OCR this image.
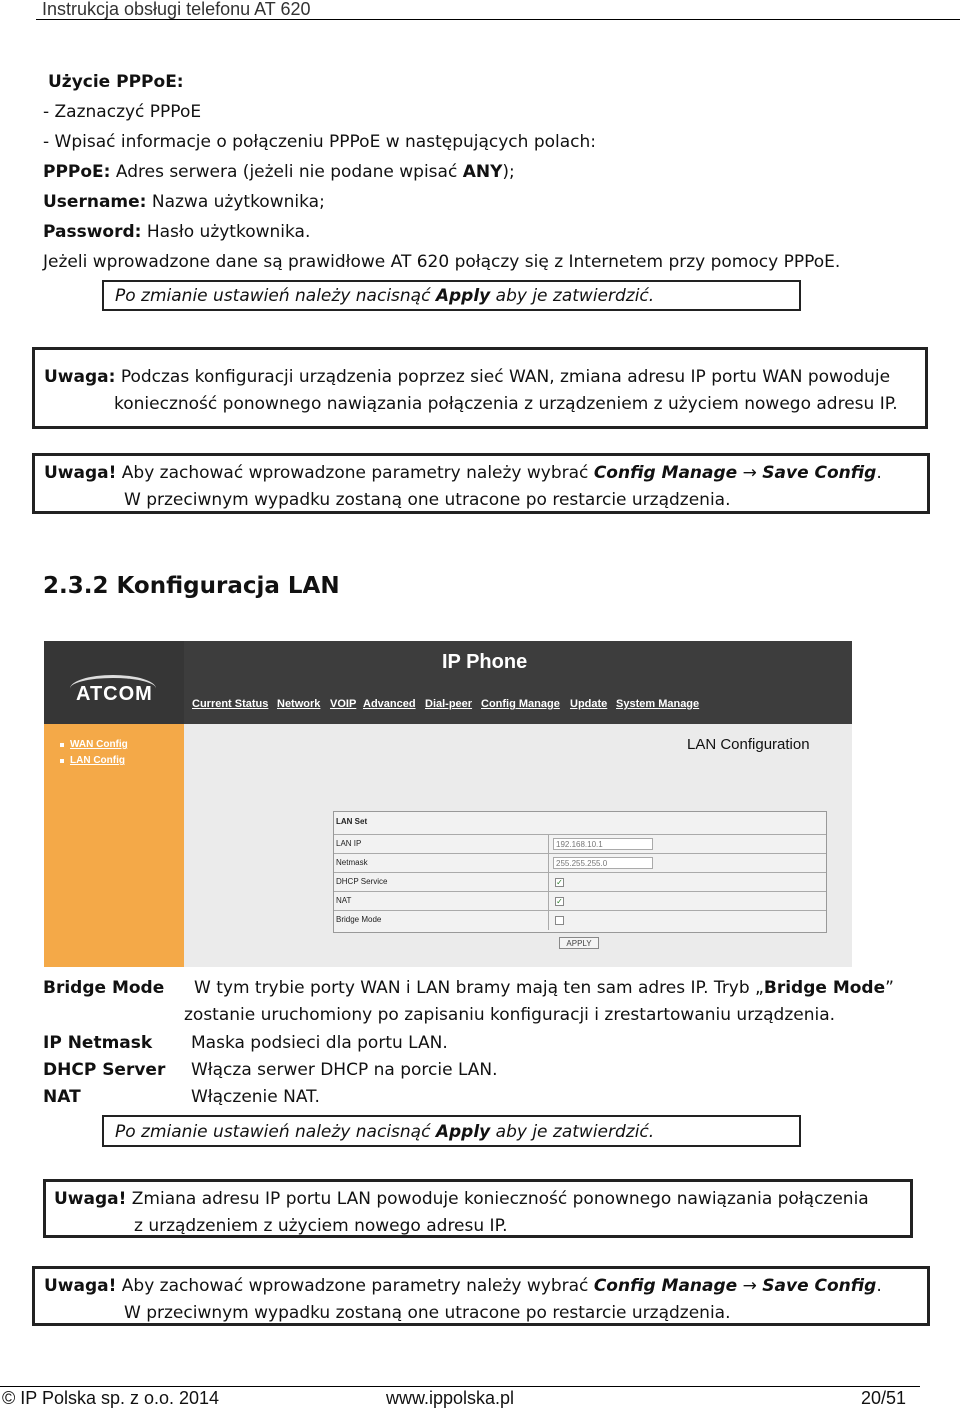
Instrukcja obsługi telefonu AT 620
Użycie PPPoE:
- Zaznaczyć PPPoE
- Wpisać informacje o połączeniu PPPoE w następujących polach:
PPPoE: Adres serwera (jeżeli nie podane wpisać ANY);
Username: Nazwa użytkownika;
Password: Hasło użytkownika.
Jeżeli wprowadzone dane są prawidłowe AT 620 połączy się z Internetem przy pomocy PPPoE.
Po zmianie ustawień należy nacisnąć Apply aby je zatwierdzić.
Uwaga: Podczas konfiguracji urządzenia poprzez sieć WAN, zmiana adresu IP portu WAN powoduje
konieczność ponownego nawiązania połączenia z urządzeniem z użyciem nowego adresu IP.
Uwaga! Aby zachować wprowadzone parametry należy wybrać Config Manage → Save Config.
W przeciwnym wypadku zostaną one utracone po restarcie urządzenia.
2.3.2 Konfiguracja LAN
ATCOM
IP Phone
Current Status Network VOIP Advanced Dial-peer Config Manage Update System Manage
WAN Config
LAN Config
LAN Configuration
LAN Set
LAN IP	192.168.10.1
Netmask	255.255.255.0
DHCP Service	✓
NAT	✓
Bridge Mode
APPLY
Bridge Mode W tym trybie porty WAN i LAN bramy mają ten sam adres IP. Tryb „Bridge Mode”
zostanie uruchomiony po zapisaniu konfiguracji i zrestartowaniu urządzenia.
IP Netmask Maska podsieci dla portu LAN.
DHCP Server Włącza serwer DHCP na porcie LAN.
NAT	Włączenie NAT.
Po zmianie ustawień należy nacisnąć Apply aby je zatwierdzić.
Uwaga! Zmiana adresu IP portu LAN powoduje konieczność ponownego nawiązania połączenia
z urządzeniem z użyciem nowego adresu IP.
Uwaga! Aby zachować wprowadzone parametry należy wybrać Config Manage → Save Config.
W przeciwnym wypadku zostaną one utracone po restarcie urządzenia.
© IP Polska sp. z o.o. 2014	www.ippolska.pl	20/51
